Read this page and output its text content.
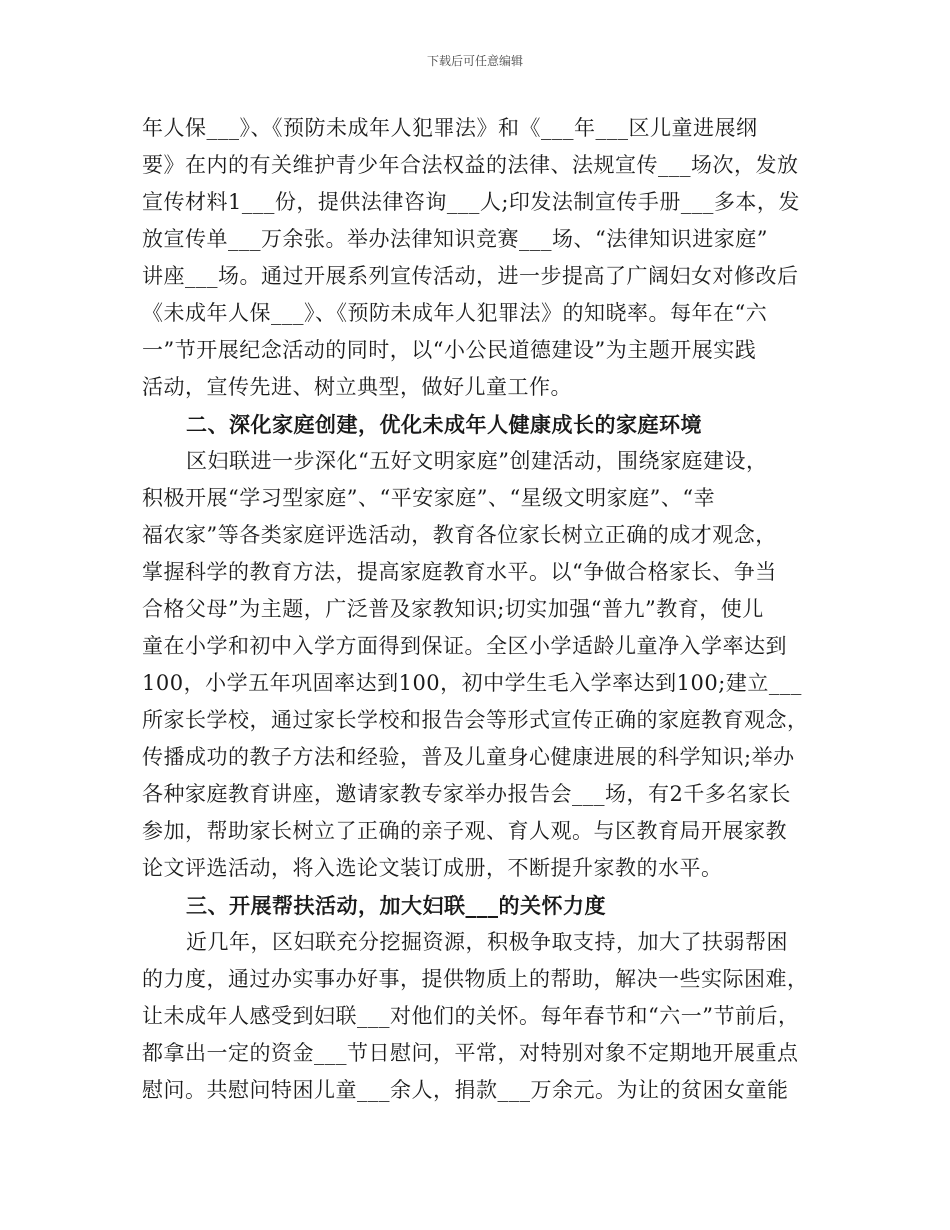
下载后可任意编辑
年人保___》、《预防未成年人犯罪法》和《___年___区儿童进展纲
要》在内的有关维护青少年合法权益的法律、法规宣传___场次，发放
宣传材料1___份，提供法律咨询___人;印发法制宣传手册___多本，发
放宣传单___万余张。举办法律知识竞赛___场、“法律知识进家庭”
讲座___场。通过开展系列宣传活动，进一步提高了广阔妇女对修改后
《未成年人保___》、《预防未成年人犯罪法》的知晓率。每年在“六
一”节开展纪念活动的同时，以“小公民道德建设”为主题开展实践
活动，宣传先进、树立典型，做好儿童工作。
二、深化家庭创建，优化未成年人健康成长的家庭环境
区妇联进一步深化“五好文明家庭”创建活动，围绕家庭建设，
积极开展“学习型家庭”、“平安家庭”、“星级文明家庭”、“幸
福农家”等各类家庭评选活动，教育各位家长树立正确的成才观念，
掌握科学的教育方法，提高家庭教育水平。以“争做合格家长、争当
合格父母”为主题，广泛普及家教知识;切实加强“普九”教育，使儿
童在小学和初中入学方面得到保证。全区小学适龄儿童净入学率达到
100，小学五年巩固率达到100，初中学生毛入学率达到100;建立___
所家长学校，通过家长学校和报告会等形式宣传正确的家庭教育观念，
传播成功的教子方法和经验，普及儿童身心健康进展的科学知识;举办
各种家庭教育讲座，邀请家教专家举办报告会___场，有2千多名家长
参加，帮助家长树立了正确的亲子观、育人观。与区教育局开展家教
论文评选活动，将入选论文装订成册，不断提升家教的水平。
三、开展帮扶活动，加大妇联___的关怀力度
近几年，区妇联充分挖掘资源，积极争取支持，加大了扶弱帮困
的力度，通过办实事办好事，提供物质上的帮助，解决一些实际困难，
让未成年人感受到妇联___对他们的关怀。每年春节和“六一”节前后，
都拿出一定的资金___节日慰问，平常，对特别对象不定期地开展重点
慰问。共慰问特困儿童___余人，捐款___万余元。为让的贫困女童能
